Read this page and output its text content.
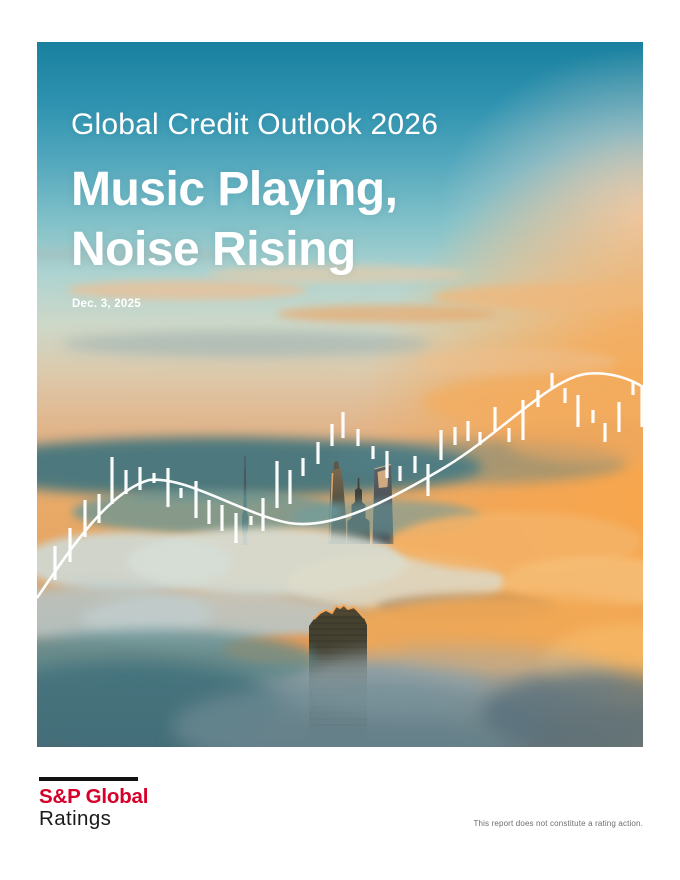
Global Credit Outlook 2026
Music Playing,
Noise Rising
Dec. 3, 2025
S&P Global
Ratings	This report does not constitute a rating action.
